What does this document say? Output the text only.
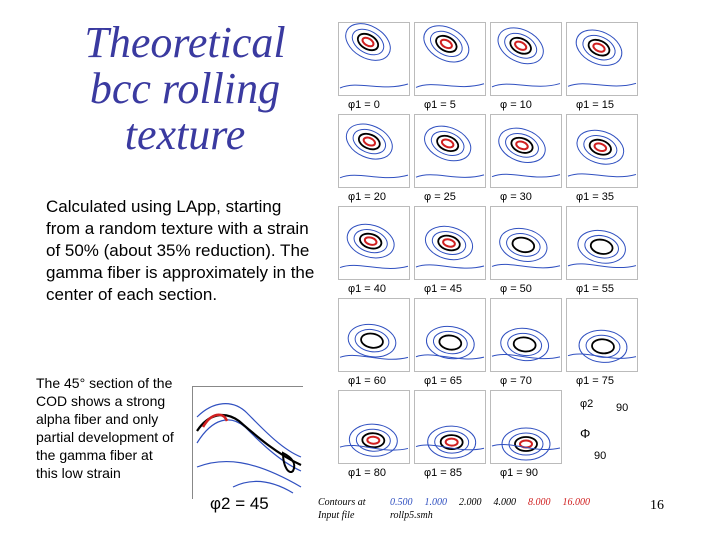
Theoretical
bcc rolling
texture
Calculated using LApp, starting from a random texture with a strain of 50% (about 35% reduction). The gamma fiber is approximately in the center of each section.
The 45° section of the COD shows a strong alpha fiber and only partial development of the gamma fiber at this low strain
φ1 = 0	φ1 = 5	φ = 10	φ1 = 15
φ1 = 20	φ = 25	φ = 30	φ1 = 35
φ1 = 40	φ1 = 45	φ = 50	φ1 = 55
φ1 = 60	φ1 = 65	φ = 70	φ1 = 75
φ1 = 80	φ1 = 85	φ1 = 90
φ2 90
Φ
90
φ2 = 45	Contours at	0.500 1.000 2.000 4.000 8.000 16.000
Input file	rollp5.smh
16
